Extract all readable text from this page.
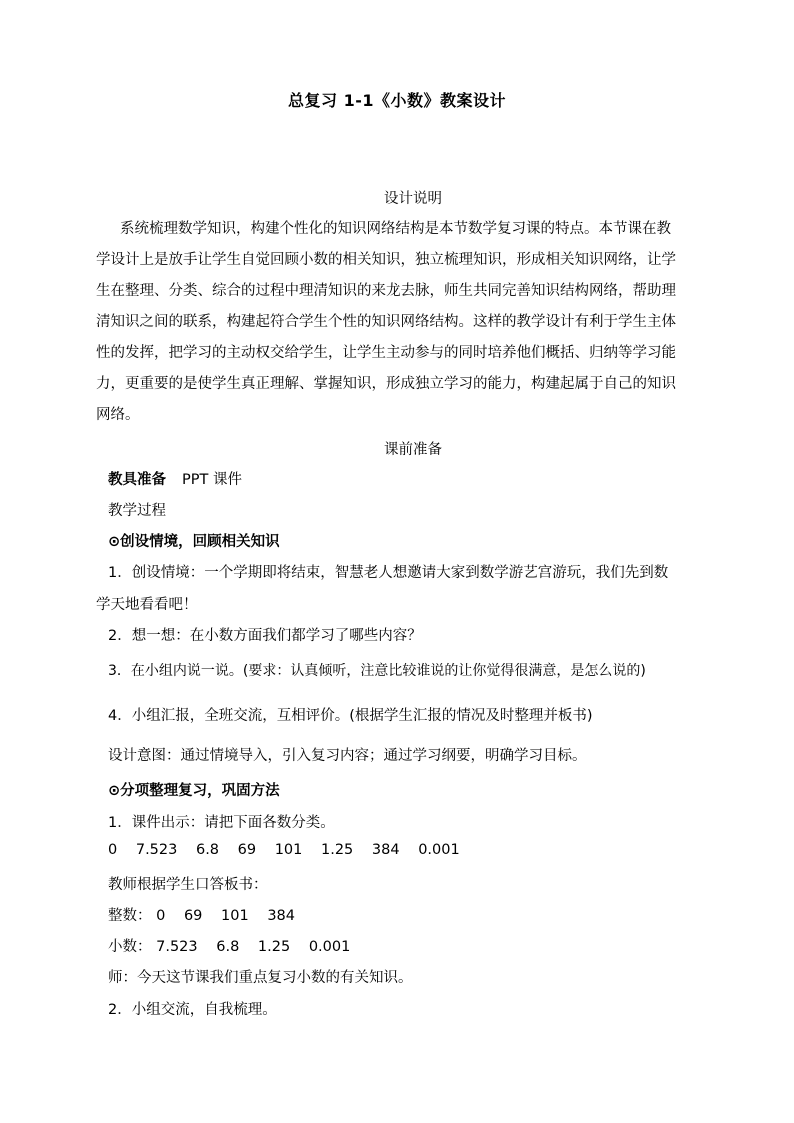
总复习 1-1《小数》教案设计
设计说明
系统梳理数学知识，构建个性化的知识网络结构是本节数学复习课的特点。本节课在教
学设计上是放手让学生自觉回顾小数的相关知识，独立梳理知识，形成相关知识网络，让学
生在整理、分类、综合的过程中理清知识的来龙去脉，师生共同完善知识结构网络，帮助理
清知识之间的联系，构建起符合学生个性的知识网络结构。这样的教学设计有利于学生主体
性的发挥，把学习的主动权交给学生，让学生主动参与的同时培养他们概括、归纳等学习能
力，更重要的是使学生真正理解、掌握知识，形成独立学习的能力，构建起属于自己的知识
网络。
课前准备
教具准备 PPT 课件
教学过程
⊙创设情境，回顾相关知识
1．创设情境：一个学期即将结束，智慧老人想邀请大家到数学游艺宫游玩，我们先到数
学天地看看吧！
2．想一想：在小数方面我们都学习了哪些内容？
3．在小组内说一说。(要求：认真倾听，注意比较谁说的让你觉得很满意，是怎么说的)
4．小组汇报，全班交流，互相评价。(根据学生汇报的情况及时整理并板书)
设计意图：通过情境导入，引入复习内容；通过学习纲要，明确学习目标。
⊙分项整理复习，巩固方法
1．课件出示：请把下面各数分类。
0 7.523 6.8 69 101 1.25 384 0.001
教师根据学生口答板书：
整数： 0 69 101 384
小数： 7.523 6.8 1.25 0.001
师：今天这节课我们重点复习小数的有关知识。
2．小组交流，自我梳理。
